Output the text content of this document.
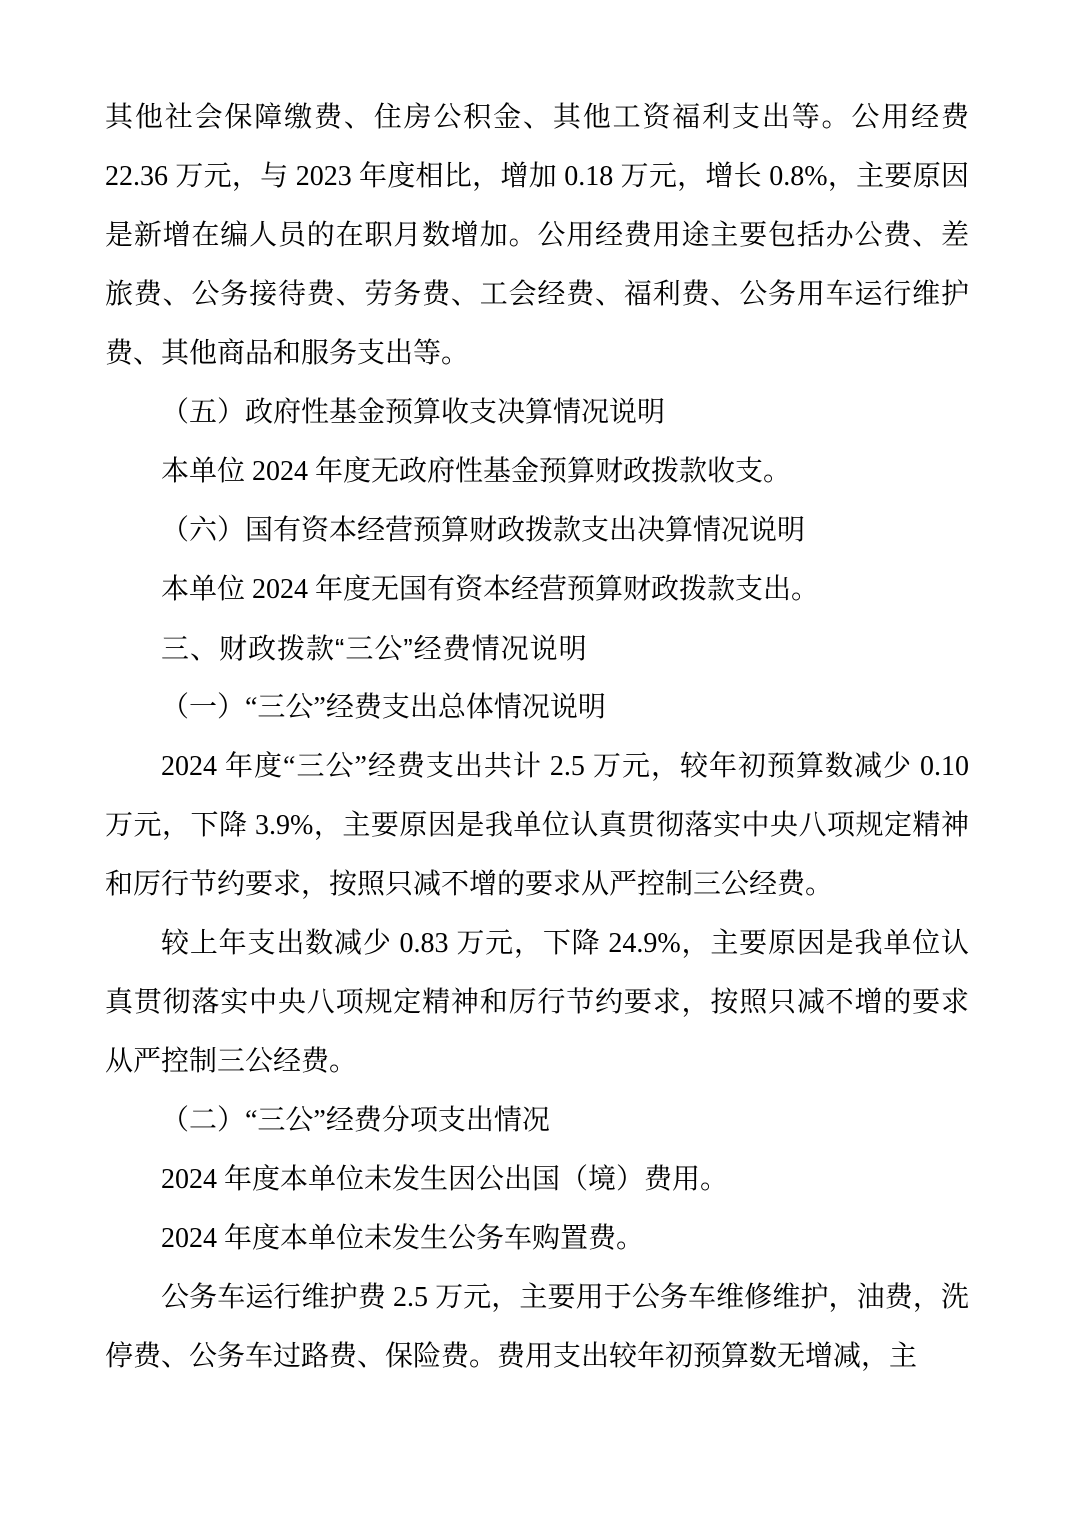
其他社会保障缴费、住房公积金、其他工资福利支出等。公用经费 22.36 万元，与 2023 年度相比，增加 0.18 万元，增长 0.8%，主要原因是新增在编人员的在职月数增加。公用经费用途主要包括办公费、差旅费、公务接待费、劳务费、工会经费、福利费、公务用车运行维护费、其他商品和服务支出等。

（五）政府性基金预算收支决算情况说明

本单位 2024 年度无政府性基金预算财政拨款收支。

（六）国有资本经营预算财政拨款支出决算情况说明

本单位 2024 年度无国有资本经营预算财政拨款支出。

三、财政拨款“三公”经费情况说明
（一）“三公”经费支出总体情况说明

2024 年度“三公”经费支出共计 2.5 万元，较年初预算数减少 0.10 万元，下降 3.9%，主要原因是我单位认真贯彻落实中央八项规定精神和厉行节约要求，按照只减不增的要求从严控制三公经费。

较上年支出数减少 0.83 万元，下降 24.9%，主要原因是我单位认真贯彻落实中央八项规定精神和厉行节约要求，按照只减不增的要求从严控制三公经费。

（二）“三公”经费分项支出情况

2024 年度本单位未发生因公出国（境）费用。

2024 年度本单位未发生公务车购置费。

公务车运行维护费 2.5 万元，主要用于公务车维修维护，油费，洗停费、公务车过路费、保险费。费用支出较年初预算数无增减，主
